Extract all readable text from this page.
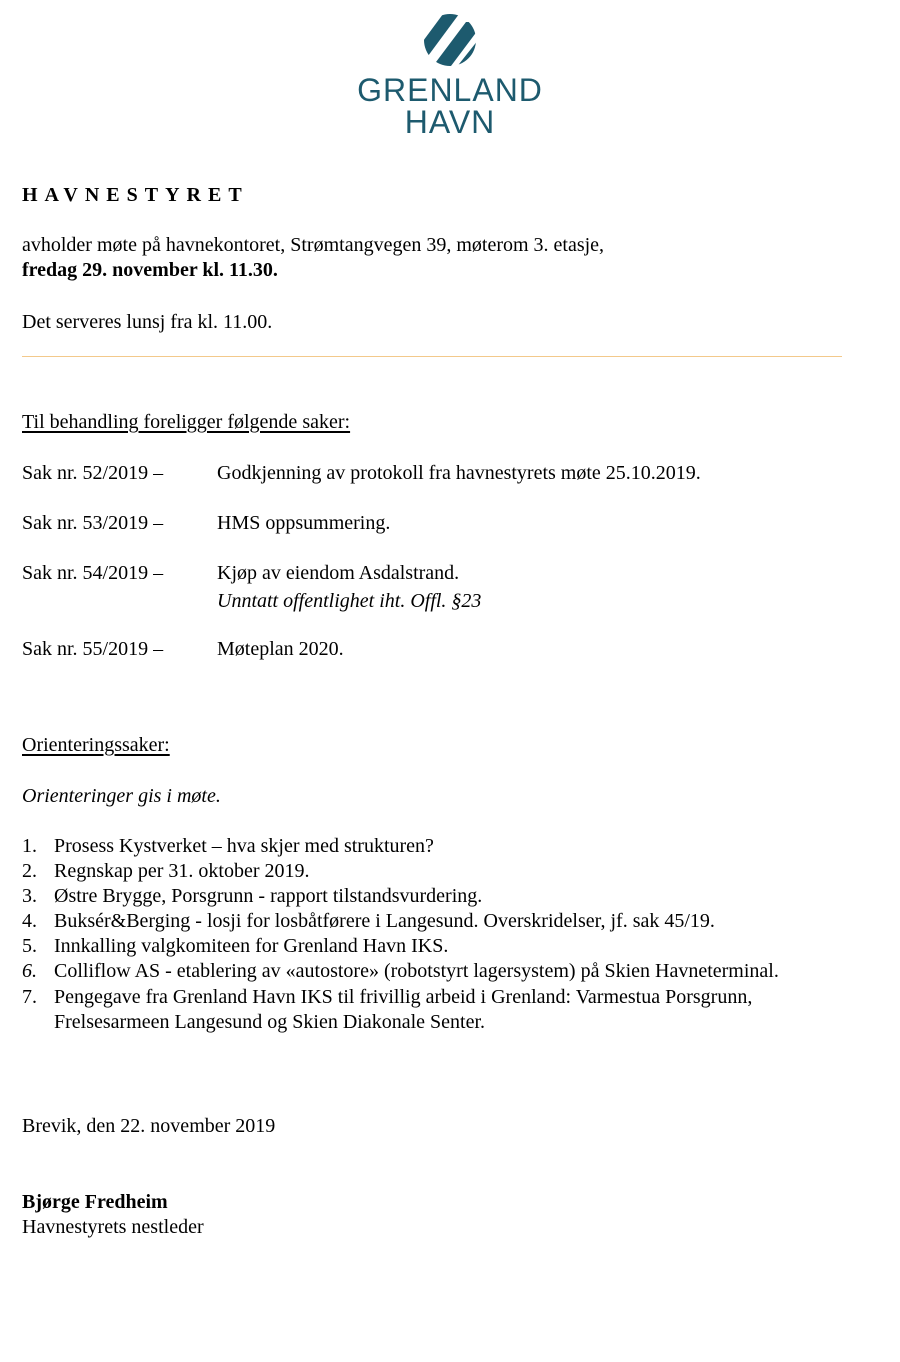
GRENLAND
HAVN
HAVNESTYRET
avholder møte på havnekontoret, Strømtangvegen 39, møterom 3. etasje,
fredag 29. november kl. 11.30.
Det serveres lunsj fra kl. 11.00.
Til behandling foreligger følgende saker:
Sak nr. 52/2019 –	Godkjenning av protokoll fra havnestyrets møte 25.10.2019.
Sak nr. 53/2019 –	HMS oppsummering.
Sak nr. 54/2019 –	Kjøp av eiendom Asdalstrand.
Unntatt offentlighet iht. Offl. §23
Sak nr. 55/2019 –	Møteplan 2020.
Orienteringssaker:
Orienteringer gis i møte.
1. Prosess Kystverket – hva skjer med strukturen?
2. Regnskap per 31. oktober 2019.
3. Østre Brygge, Porsgrunn - rapport tilstandsvurdering.
4. Buksér&Berging - losji for losbåtførere i Langesund. Overskridelser, jf. sak 45/19.
5. Innkalling valgkomiteen for Grenland Havn IKS.
6. Colliflow AS - etablering av «autostore» (robotstyrt lagersystem) på Skien Havneterminal.
7. Pengegave fra Grenland Havn IKS til frivillig arbeid i Grenland: Varmestua Porsgrunn,
Frelsesarmeen Langesund og Skien Diakonale Senter.
Brevik, den 22. november 2019
Bjørge Fredheim
Havnestyrets nestleder
